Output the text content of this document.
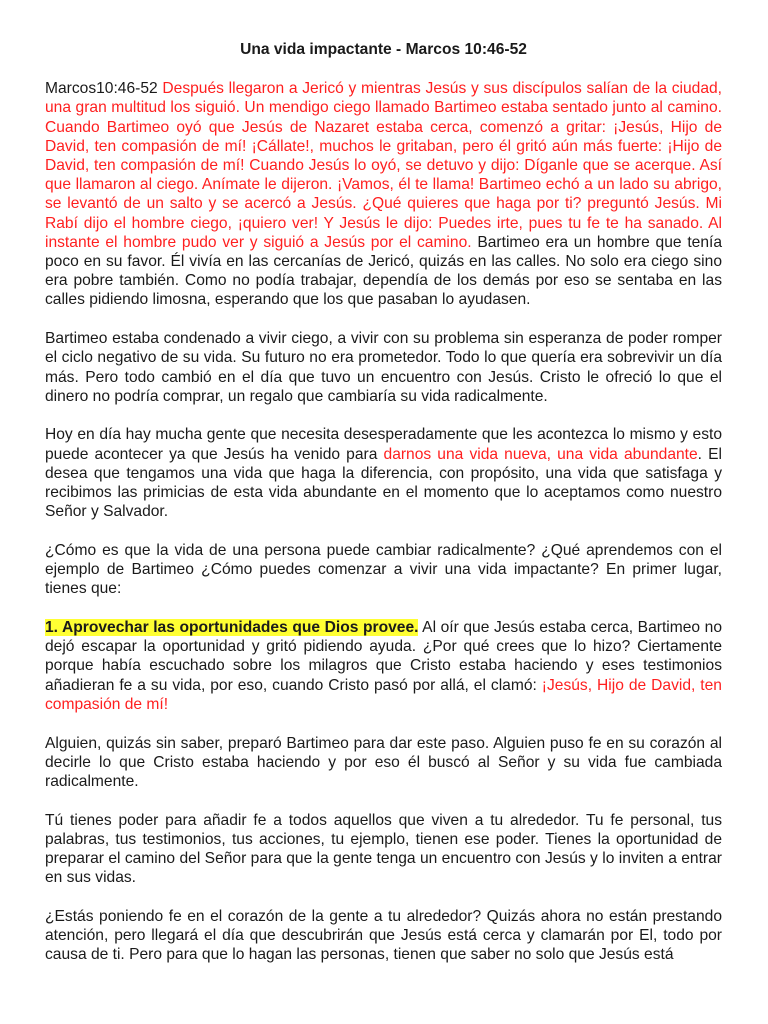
Una vida impactante - Marcos 10:46-52

Marcos10:46-52 Después llegaron a Jericó y mientras Jesús y sus discípulos salían de la ciudad, una gran multitud los siguió. Un mendigo ciego llamado Bartimeo estaba sentado junto al camino. Cuando Bartimeo oyó que Jesús de Nazaret estaba cerca, comenzó a gritar: ¡Jesús, Hijo de David, ten compasión de mí! ¡Cállate!, muchos le gritaban, pero él gritó aún más fuerte: ¡Hijo de David, ten compasión de mí! Cuando Jesús lo oyó, se detuvo y dijo: Díganle que se acerque. Así que llamaron al ciego. Anímate le dijeron. ¡Vamos, él te llama! Bartimeo echó a un lado su abrigo, se levantó de un salto y se acercó a Jesús. ¿Qué quieres que haga por ti? preguntó Jesús. Mi Rabí dijo el hombre ciego, ¡quiero ver! Y Jesús le dijo: Puedes irte, pues tu fe te ha sanado. Al instante el hombre pudo ver y siguió a Jesús por el camino. Bartimeo era un hombre que tenía poco en su favor. Él vivía en las cercanías de Jericó, quizás en las calles. No solo era ciego sino era pobre también. Como no podía trabajar, dependía de los demás por eso se sentaba en las calles pidiendo limosna, esperando que los que pasaban lo ayudasen.

Bartimeo estaba condenado a vivir ciego, a vivir con su problema sin esperanza de poder romper el ciclo negativo de su vida. Su futuro no era prometedor. Todo lo que quería era sobrevivir un día más. Pero todo cambió en el día que tuvo un encuentro con Jesús. Cristo le ofreció lo que el dinero no podría comprar, un regalo que cambiaría su vida radicalmente.

Hoy en día hay mucha gente que necesita desesperadamente que les acontezca lo mismo y esto puede acontecer ya que Jesús ha venido para darnos una vida nueva, una vida abundante. El desea que tengamos una vida que haga la diferencia, con propósito, una vida que satisfaga y recibimos las primicias de esta vida abundante en el momento que lo aceptamos como nuestro Señor y Salvador.

¿Cómo es que la vida de una persona puede cambiar radicalmente? ¿Qué aprendemos con el ejemplo de Bartimeo ¿Cómo puedes comenzar a vivir una vida impactante? En primer lugar, tienes que:

1. Aprovechar las oportunidades que Dios provee. Al oír que Jesús estaba cerca, Bartimeo no dejó escapar la oportunidad y gritó pidiendo ayuda. ¿Por qué crees que lo hizo? Ciertamente porque había escuchado sobre los milagros que Cristo estaba haciendo y eses testimonios añadieran fe a su vida, por eso, cuando Cristo pasó por allá, el clamó: ¡Jesús, Hijo de David, ten compasión de mí!

Alguien, quizás sin saber, preparó Bartimeo para dar este paso. Alguien puso fe en su corazón al decirle lo que Cristo estaba haciendo y por eso él buscó al Señor y su vida fue cambiada radicalmente.

Tú tienes poder para añadir fe a todos aquellos que viven a tu alrededor. Tu fe personal, tus palabras, tus testimonios, tus acciones, tu ejemplo, tienen ese poder. Tienes la oportunidad de preparar el camino del Señor para que la gente tenga un encuentro con Jesús y lo inviten a entrar en sus vidas.

¿Estás poniendo fe en el corazón de la gente a tu alrededor? Quizás ahora no están prestando atención, pero llegará el día que descubrirán que Jesús está cerca y clamarán por El, todo por causa de ti. Pero para que lo hagan las personas, tienen que saber no solo que Jesús está
